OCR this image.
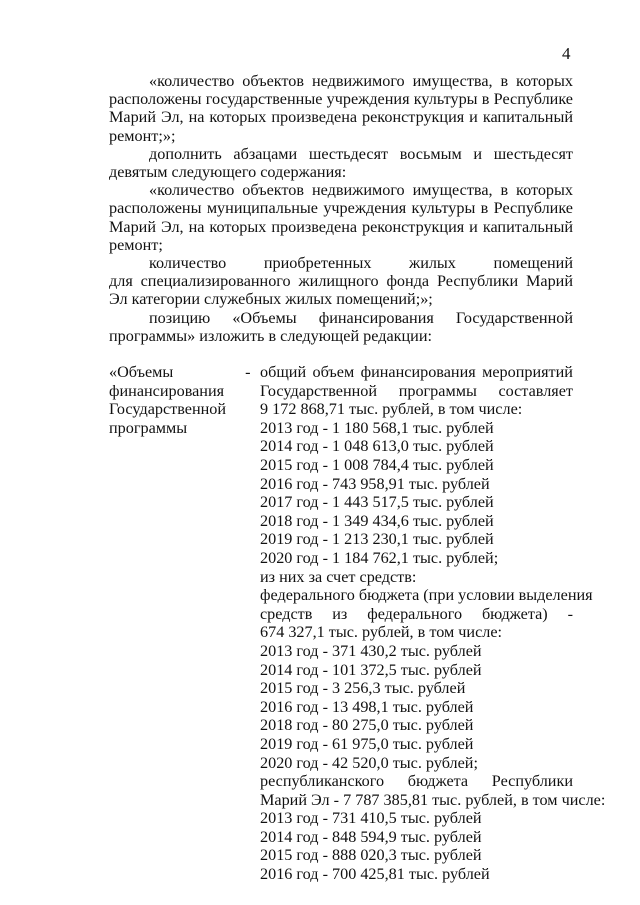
4

«количество объектов недвижимого имущества, в которых расположены государственные учреждения культуры в Республике Марий Эл, на которых произведена реконструкция и капитальный ремонт;»;

дополнить абзацами шестьдесят восьмым и шестьдесят девятым следующего содержания:

«количество объектов недвижимого имущества, в которых расположены муниципальные учреждения культуры в Республике Марий Эл, на которых произведена реконструкция и капитальный ремонт;

количество приобретенных жилых помещений

для специализированного жилищного фонда Республики Марий Эл категории служебных жилых помещений;»;

позицию «Объемы финансирования Государственной программы» изложить в следующей редакции:

«Объемы
финансирования
Государственной
программы
- общий объем финансирования мероприятий
Государственной программы составляет
9 172 868,71 тыс. рублей, в том числе:
2013 год - 1 180 568,1 тыс. рублей
2014 год - 1 048 613,0 тыс. рублей
2015 год - 1 008 784,4 тыс. рублей
2016 год - 743 958,91 тыс. рублей
2017 год - 1 443 517,5 тыс. рублей
2018 год - 1 349 434,6 тыс. рублей
2019 год - 1 213 230,1 тыс. рублей
2020 год - 1 184 762,1 тыс. рублей;
из них за счет средств:
федерального бюджета (при условии выделения
средств из федерального бюджета) -
674 327,1 тыс. рублей, в том числе:
2013 год - 371 430,2 тыс. рублей
2014 год - 101 372,5 тыс. рублей
2015 год - 3 256,3 тыс. рублей
2016 год - 13 498,1 тыс. рублей
2018 год - 80 275,0 тыс. рублей
2019 год - 61 975,0 тыс. рублей
2020 год - 42 520,0 тыс. рублей;
республиканского бюджета Республики
Марий Эл - 7 787 385,81 тыс. рублей, в том числе:
2013 год - 731 410,5 тыс. рублей
2014 год - 848 594,9 тыс. рублей
2015 год - 888 020,3 тыс. рублей
2016 год - 700 425,81 тыс. рублей
